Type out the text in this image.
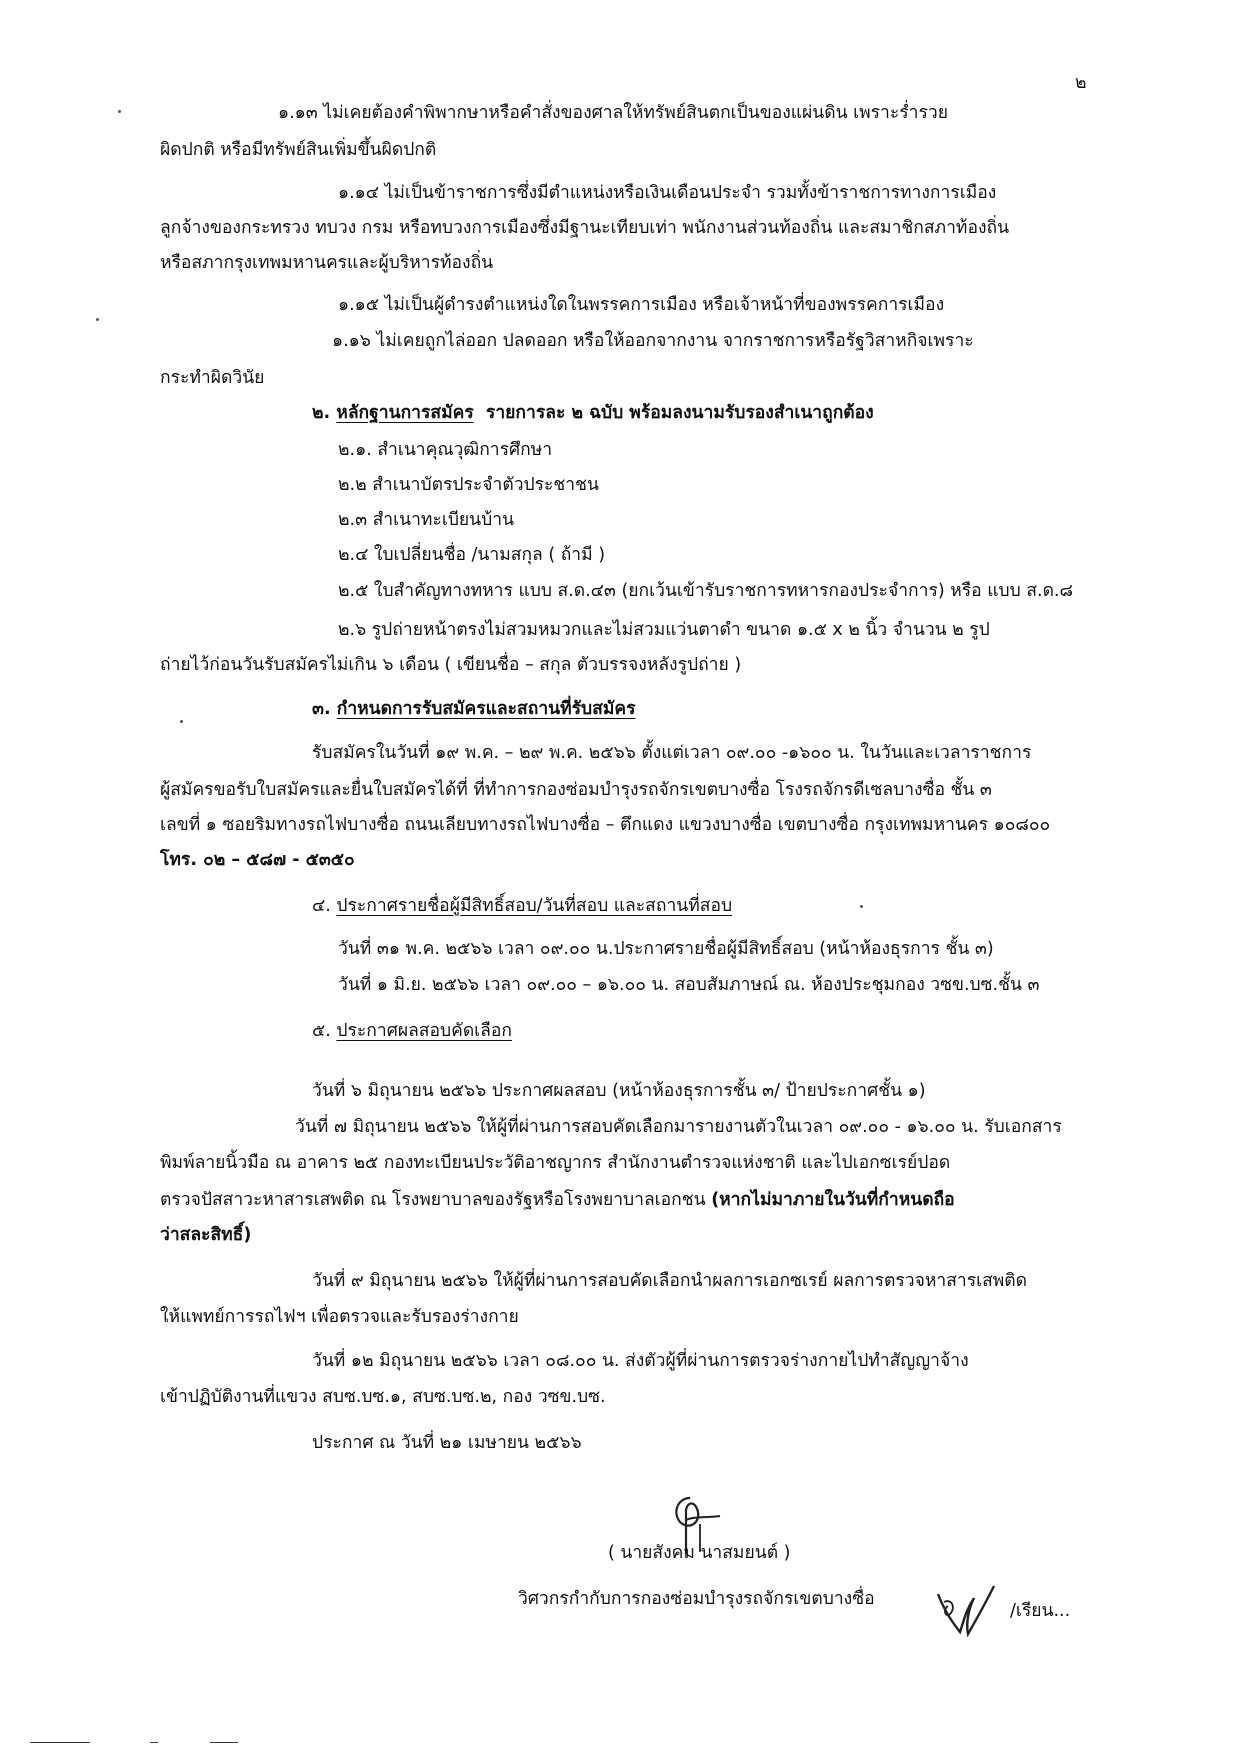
๒
๑.๑๓ ไม่เคยต้องคำพิพากษาหรือคำสั่งของศาลให้ทรัพย์สินตกเป็นของแผ่นดิน เพราะร่ำรวย
ผิดปกติ หรือมีทรัพย์สินเพิ่มขึ้นผิดปกติ
๑.๑๔ ไม่เป็นข้าราชการซึ่งมีตำแหน่งหรือเงินเดือนประจำ รวมทั้งข้าราชการทางการเมือง
ลูกจ้างของกระทรวง ทบวง กรม หรือทบวงการเมืองซึ่งมีฐานะเทียบเท่า พนักงานส่วนท้องถิ่น และสมาชิกสภาท้องถิ่น
หรือสภากรุงเทพมหานครและผู้บริหารท้องถิ่น
๑.๑๕ ไม่เป็นผู้ดำรงตำแหน่งใดในพรรคการเมือง หรือเจ้าหน้าที่ของพรรคการเมือง
๑.๑๖ ไม่เคยถูกไล่ออก ปลดออก หรือให้ออกจากงาน จากราชการหรือรัฐวิสาหกิจเพราะ
กระทำผิดวินัย
๒. หลักฐานการสมัคร รายการละ ๒ ฉบับ พร้อมลงนามรับรองสำเนาถูกต้อง
๒.๑. สำเนาคุณวุฒิการศึกษา
๒.๒ สำเนาบัตรประจำตัวประชาชน
๒.๓ สำเนาทะเบียนบ้าน
๒.๔ ใบเปลี่ยนชื่อ /นามสกุล ( ถ้ามี )
๒.๕ ใบสำคัญทางทหาร แบบ ส.ด.๔๓ (ยกเว้นเข้ารับราชการทหารกองประจำการ) หรือ แบบ ส.ด.๘
๒.๖ รูปถ่ายหน้าตรงไม่สวมหมวกและไม่สวมแว่นตาดำ ขนาด ๑.๕ x ๒ นิ้ว จำนวน ๒ รูป
ถ่ายไว้ก่อนวันรับสมัครไม่เกิน ๖ เดือน ( เขียนชื่อ – สกุล ตัวบรรจงหลังรูปถ่าย )
๓. กำหนดการรับสมัครและสถานที่รับสมัคร
รับสมัครในวันที่ ๑๙ พ.ค. – ๒๙ พ.ค. ๒๕๖๖ ตั้งแต่เวลา ๐๙.๐๐ -๑๖๐๐ น. ในวันและเวลาราชการ
ผู้สมัครขอรับใบสมัครและยื่นใบสมัครได้ที่ ที่ทำการกองซ่อมบำรุงรถจักรเขตบางซื่อ โรงรถจักรดีเซลบางซื่อ ชั้น ๓
เลขที่ ๑ ซอยริมทางรถไฟบางซื่อ ถนนเลียบทางรถไฟบางซื่อ – ตึกแดง แขวงบางซื่อ เขตบางซื่อ กรุงเทพมหานคร ๑๐๘๐๐
โทร. ๐๒ – ๕๘๗ - ๕๓๕๐
๔. ประกาศรายชื่อผู้มีสิทธิ์สอบ/วันที่สอบ และสถานที่สอบ
วันที่ ๓๑ พ.ค. ๒๕๖๖ เวลา ๐๙.๐๐ น.ประกาศรายชื่อผู้มีสิทธิ์สอบ (หน้าห้องธุรการ ชั้น ๓)
วันที่ ๑ มิ.ย. ๒๕๖๖ เวลา ๐๙.๐๐ – ๑๖.๐๐ น. สอบสัมภาษณ์ ณ. ห้องประชุมกอง วซข.บซ.ชั้น ๓
๕. ประกาศผลสอบคัดเลือก
วันที่ ๖ มิถุนายน ๒๕๖๖ ประกาศผลสอบ (หน้าห้องธุรการชั้น ๓/ ป้ายประกาศชั้น ๑)
วันที่ ๗ มิถุนายน ๒๕๖๖ ให้ผู้ที่ผ่านการสอบคัดเลือกมารายงานตัวในเวลา ๐๙.๐๐ - ๑๖.๐๐ น. รับเอกสาร
พิมพ์ลายนิ้วมือ ณ อาคาร ๒๕ กองทะเบียนประวัติอาชญากร สำนักงานตำรวจแห่งชาติ และไปเอกซเรย์ปอด
ตรวจปัสสาวะหาสารเสพติด ณ โรงพยาบาลของรัฐหรือโรงพยาบาลเอกชน (หากไม่มาภายในวันที่กำหนดถือ
ว่าสละสิทธิ์)
วันที่ ๙ มิถุนายน ๒๕๖๖ ให้ผู้ที่ผ่านการสอบคัดเลือกนำผลการเอกซเรย์ ผลการตรวจหาสารเสพติด
ให้แพทย์การรถไฟฯ เพื่อตรวจและรับรองร่างกาย
วันที่ ๑๒ มิถุนายน ๒๕๖๖ เวลา ๐๘.๐๐ น. ส่งตัวผู้ที่ผ่านการตรวจร่างกายไปทำสัญญาจ้าง
เข้าปฏิบัติงานที่แขวง สบซ.บซ.๑, สบซ.บซ.๒, กอง วซข.บซ.
ประกาศ ณ วันที่ ๒๑ เมษายน ๒๕๖๖
( นายสังคม นาสมยนต์ )
วิศวกรกำกับการกองซ่อมบำรุงรถจักรเขตบางซื่อ
/เรียน...
